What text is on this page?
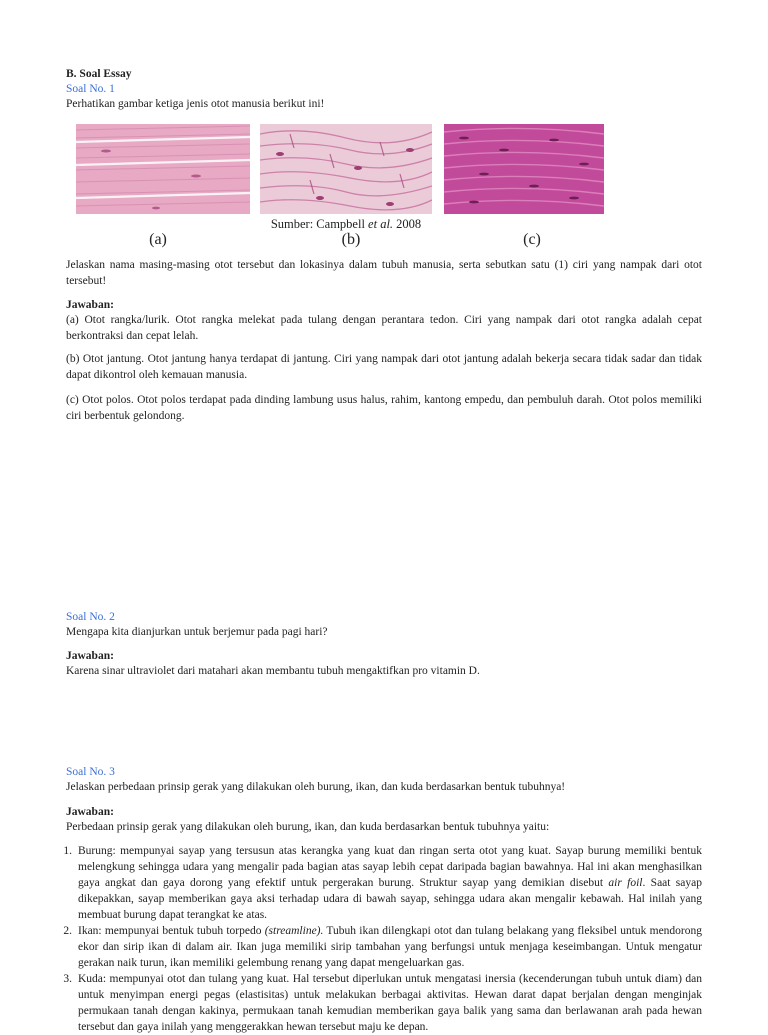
B. Soal Essay
Soal No. 1
Perhatikan gambar ketiga jenis otot manusia berikut ini!
Sumber: Campbell et al. 2008
(a)	(b)	(c)
Jelaskan nama masing-masing otot tersebut dan lokasinya dalam tubuh manusia, serta sebutkan satu (1) ciri yang nampak dari otot tersebut!
Jawaban:
(a) Otot rangka/lurik. Otot rangka melekat pada tulang dengan perantara tedon. Ciri yang nampak dari otot rangka adalah cepat berkontraksi dan cepat lelah.
(b) Otot jantung. Otot jantung hanya terdapat di jantung. Ciri yang nampak dari otot jantung adalah bekerja secara tidak sadar dan tidak dapat dikontrol oleh kemauan manusia.
(c) Otot polos. Otot polos terdapat pada dinding lambung usus halus, rahim, kantong empedu, dan pembuluh darah. Otot polos memiliki ciri berbentuk gelondong.
Soal No. 2
Mengapa kita dianjurkan untuk berjemur pada pagi hari?
Jawaban:
Karena sinar ultraviolet dari matahari akan membantu tubuh mengaktifkan pro vitamin D.
Soal No. 3
Jelaskan perbedaan prinsip gerak yang dilakukan oleh burung, ikan, dan kuda berdasarkan bentuk tubuhnya!
Jawaban:
Perbedaan prinsip gerak yang dilakukan oleh burung, ikan, dan kuda berdasarkan bentuk tubuhnya yaitu:
1. Burung: mempunyai sayap yang tersusun atas kerangka yang kuat dan ringan serta otot yang kuat. Sayap burung memiliki bentuk melengkung sehingga udara yang mengalir pada bagian atas sayap lebih cepat daripada bagian bawahnya. Hal ini akan menghasilkan gaya angkat dan gaya dorong yang efektif untuk pergerakan burung. Struktur sayap yang demikian disebut air foil. Saat sayap dikepakkan, sayap memberikan gaya aksi terhadap udara di bawah sayap, sehingga udara akan mengalir kebawah. Hal inilah yang membuat burung dapat terangkat ke atas.
2. Ikan: mempunyai bentuk tubuh torpedo (streamline). Tubuh ikan dilengkapi otot dan tulang belakang yang fleksibel untuk mendorong ekor dan sirip ikan di dalam air. Ikan juga memiliki sirip tambahan yang berfungsi untuk menjaga keseimbangan. Untuk mengatur gerakan naik turun, ikan memiliki gelembung renang yang dapat mengeluarkan gas.
3. Kuda: mempunyai otot dan tulang yang kuat. Hal tersebut diperlukan untuk mengatasi inersia (kecenderungan tubuh untuk diam) dan untuk menyimpan energi pegas (elastisitas) untuk melakukan berbagai aktivitas. Hewan darat dapat berjalan dengan menginjak permukaan tanah dengan kakinya, permukaan tanah kemudian memberikan gaya balik yang sama dan berlawanan arah pada hewan tersebut dan gaya inilah yang menggerakkan hewan tersebut maju ke depan.
